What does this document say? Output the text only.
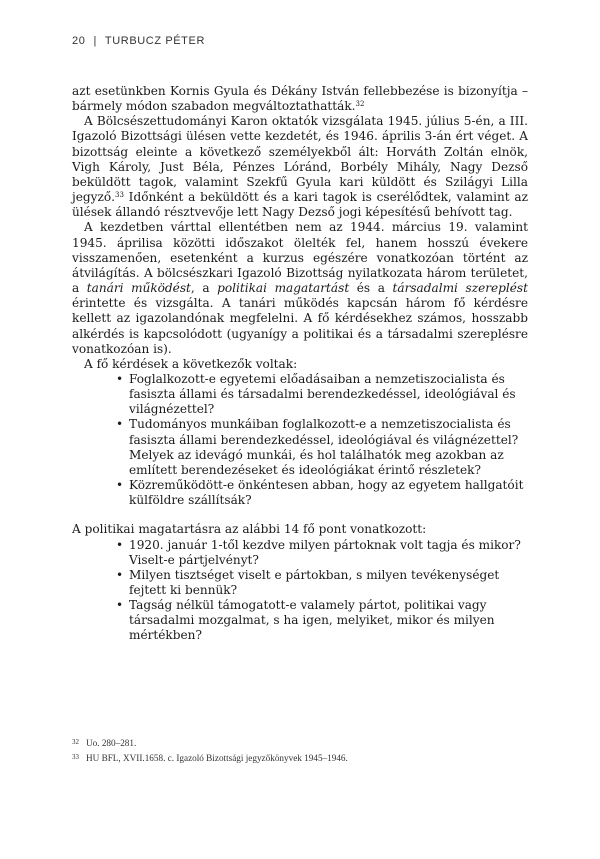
20 | TURBUCZ PÉTER

azt esetünkben Kornis Gyula és Dékány István fellebbezése is bizonyítja – bármely módon szabadon megváltoztathatták.$^{32}$

A Bölcsészettudományi Karon oktatók vizsgálata 1945. július 5-én, a III. Igazoló Bizottsági ülésen vette kezdetét, és 1946. április 3-án ért véget. A bizottság eleinte a következő személyekből ált: Horváth Zoltán elnök, Vigh Károly, Just Béla, Pénzes Lóránd, Borbély Mihály, Nagy Dezső beküldött tagok, valamint Szekfű Gyula kari küldött és Szilágyi Lilla jegyző.$^{33}$ Időnként a beküldött és a kari tagok is cserélődtek, valamint az ülések állandó résztvevője lett Nagy Dezső jogi képesítésű behívott tag.

A kezdetben várttal ellentétben nem az 1944. március 19. valamint 1945. áprilisa közötti időszakot ölelték fel, hanem hosszú évekere visszamenően, esetenként a kurzus egészére vonatkozóan történt az átvilágítás. A bölcsészkari Igazoló Bizottság nyilatkozata három területet, a tanári működést, a politikai magatartást és a társadalmi szereplést érintette és vizsgálta. A tanári működés kapcsán három fő kérdésre kellett az igazolandónak megfelelni. A fő kérdésekhez számos, hosszabb alkérdés is kapcsolódott (ugyanígy a politikai és a társadalmi szereplésre vonatkozóan is).

A fő kérdések a következők voltak:

• Foglalkozott-e egyetemi előadásaiban a nemzetiszocialista és fasiszta állami és társadalmi berendezkedéssel, ideológiával és világnézettel?
• Tudományos munkáiban foglalkozott-e a nemzetiszocialista és fasiszta állami berendezkedéssel, ideológiával és világnézettel? Melyek az idevágó munkái, és hol találhatók meg azokban az említett berendezéseket és ideológiákat érintő részletek?
• Közreműködött-e önkéntesen abban, hogy az egyetem hallgatóit külföldre szállítsák?

A politikai magatartásra az alábbi 14 fő pont vonatkozott:

• 1920. január 1-től kezdve milyen pártoknak volt tagja és mikor? Viselt-e pártjelvényt?
• Milyen tisztséget viselt e pártokban, s milyen tevékenységet fejtett ki bennük?
• Tagság nélkül támogatott-e valamely pártot, politikai vagy társadalmi mozgalmat, s ha igen, melyiket, mikor és milyen mértékben?
32 Uo. 280–281.
33 HU BFL, XVII.1658. c. Igazoló Bizottsági jegyzőkönyvek 1945–1946.
